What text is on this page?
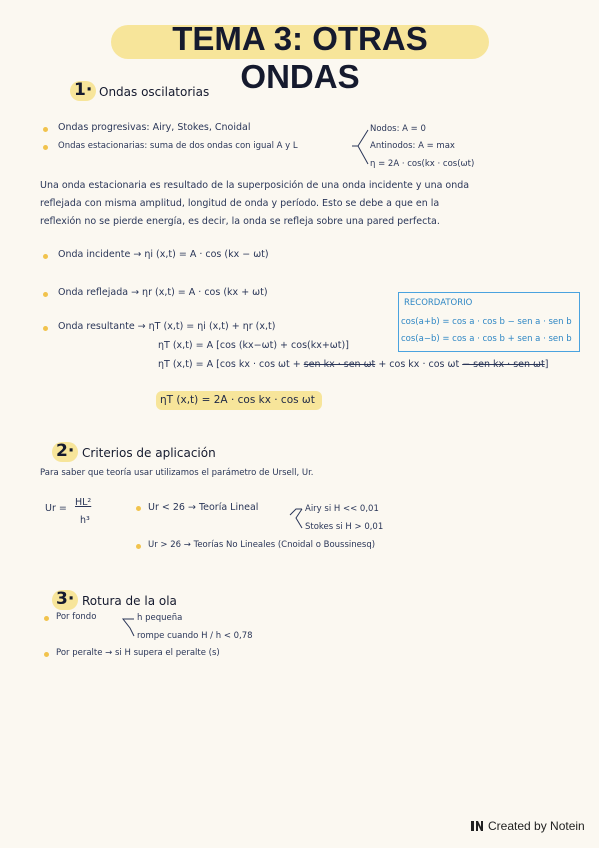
TEMA 3: OTRAS ONDAS
1· Ondas oscilatorias
Ondas progresivas: Airy, Stokes, Cnoidal
Ondas estacionarias: suma de dos ondas con igual A y L
Nodos: A = 0
Antinodos: A = max
η = 2A · cos(kx · cos(ωt)
Una onda estacionaria es resultado de la superposición de una onda incidente y una onda
reflejada con misma amplitud, longitud de onda y período. Esto se debe a que en la
reflexión no se pierde energía, es decir, la onda se refleja sobre una pared perfecta.
Onda incidente → ηi (x,t) = A · cos (kx − ωt)
Onda reflejada → ηr (x,t) = A · cos (kx + ωt)
Onda resultante → ηT (x,t) = ηi (x,t) + ηr (x,t)
ηT (x,t) = A [cos (kx−ωt) + cos(kx+ωt)]
ηT (x,t) = A [cos kx · cos ωt + sen kx · sen ωt + cos kx · cos ωt − sen kx · sen ωt]
ηT (x,t) = 2A · cos kx · cos ωt
RECORDATORIO
cos(a+b) = cos a · cos b − sen a · sen b
cos(a−b) = cos a · cos b + sen a · sen b
2· Criterios de aplicación
Para saber que teoría usar utilizamos el parámetro de Ursell, Ur.
Ur =
HL²
h³
Ur < 26 → Teoría Lineal	Airy si H << 0,01
Stokes si H > 0,01
Ur > 26 → Teorías No Lineales (Cnoidal o Boussinesq)
3· Rotura de la ola
Por fondo	h pequeña
rompe cuando H / h < 0,78
Por peralte → si H supera el peralte (s)
Created by Notein
